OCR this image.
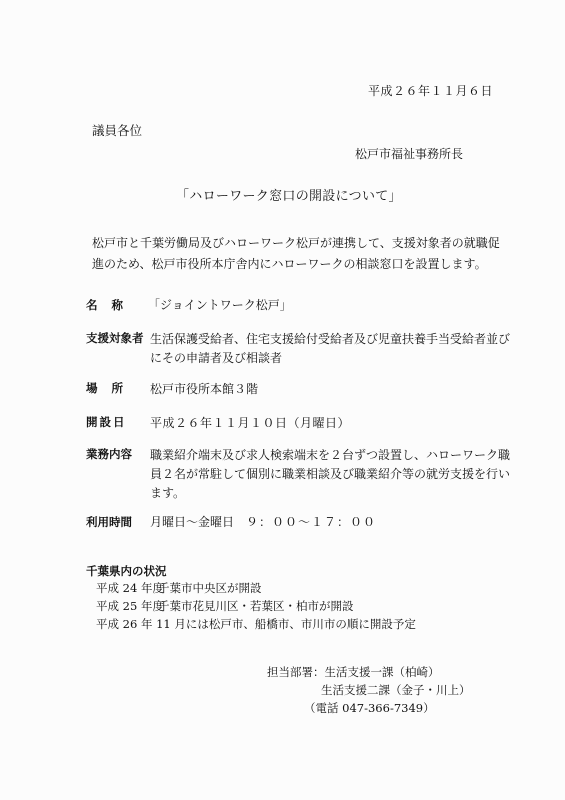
平成２６年１１月６日
議員各位
松戸市福祉事務所長
「ハローワーク窓口の開設について」
松戸市と千葉労働局及びハローワーク松戸が連携して、支援対象者の就職促
進のため、松戸市役所本庁舎内にハローワークの相談窓口を設置します。
名称 「ジョイントワーク松戸」
支援対象者 生活保護受給者、住宅支援給付受給者及び児童扶養手当受給者並びにその申請者及び相談者
場所 松戸市役所本館３階
開設日 平成２６年１１月１０日（月曜日）
業務内容 職業紹介端末及び求人検索端末を２台ずつ設置し、ハローワーク職員２名が常駐して個別に職業相談及び職業紹介等の就労支援を行います。
利用時間 月曜日～金曜日 ９：００～１７：００
千葉県内の状況
平成 24 年度千葉市中央区が開設
平成 25 年度千葉市花見川区・若葉区・柏市が開設
平成 26 年 11 月には松戸市、船橋市、市川市の順に開設予定
担当部署：生活支援一課（柏崎）
生活支援二課（金子・川上）
（電話 047-366-7349）
